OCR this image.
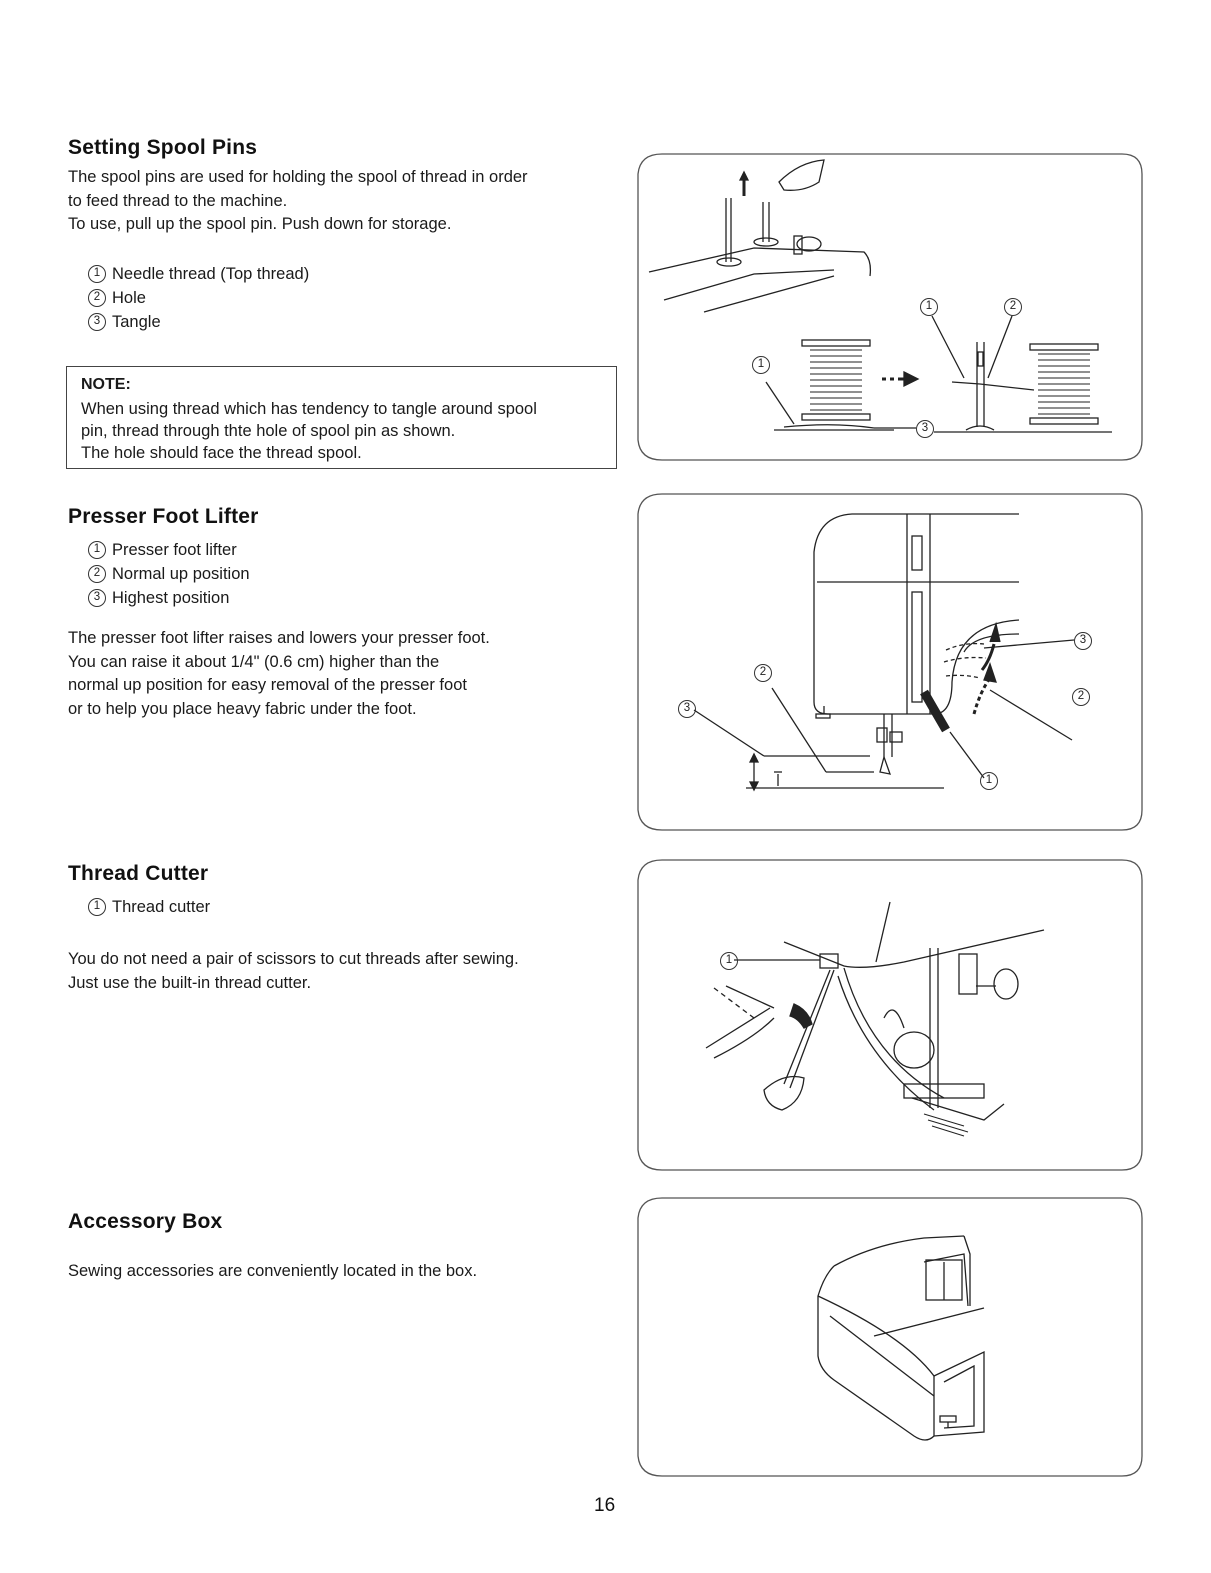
Setting Spool Pins
The spool pins are used for holding the spool of thread in order
to feed thread to the machine.
To use, pull up the spool pin. Push down for storage.
1 Needle thread (Top thread)
2 Hole
3 Tangle
NOTE:
When using thread which has tendency to tangle around spool
pin, thread through thte hole of spool pin as shown.
The hole should face the thread spool.
1	2
1
3
Presser Foot Lifter
1 Presser foot lifter
2 Normal up position
3 Highest position
The presser foot lifter raises and lowers your presser foot.
You can raise it about 1/4" (0.6 cm) higher than the
normal up position for easy removal of the presser foot
or to help you place heavy fabric under the foot.	3
2
3
2
1
Thread Cutter
1 Thread cutter
You do not need a pair of scissors to cut threads after sewing.
Just use the built-in thread cutter.
1
Accessory Box
Sewing accessories are conveniently located in the box.
16
